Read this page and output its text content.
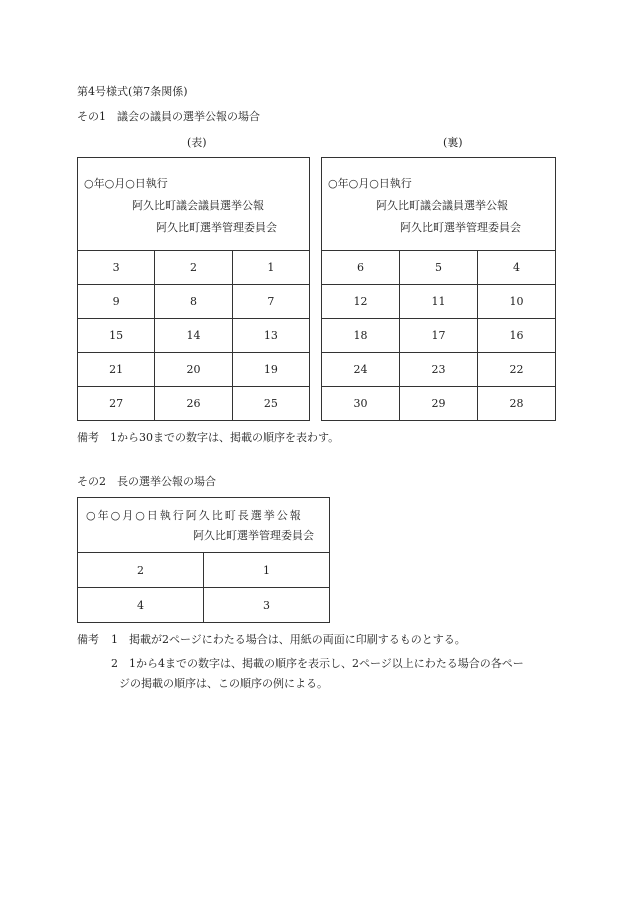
第4号様式(第7条関係)
その1　議会の議員の選挙公報の場合
(表)	(裏)
○年○月○日執行
阿久比町議会議員選挙公報
阿久比町選挙管理委員会
3	2	1
9	8	7
15	14	13
21	20	19
27	26	25
○年○月○日執行
阿久比町議会議員選挙公報
阿久比町選挙管理委員会
6	5	4
12	11	10
18	17	16
24	23	22
30	29	28
備考　1から30までの数字は、掲載の順序を表わす。
その2　長の選挙公報の場合
○年○月○日執行阿久比町長選挙公報
阿久比町選挙管理委員会
2	1
4	3
備考 1　掲載が2ページにわたる場合は、用紙の両面に印刷するものとする。
2　1から4までの数字は、掲載の順序を表示し、2ページ以上にわたる場合の各ペー
ジの掲載の順序は、この順序の例による。
